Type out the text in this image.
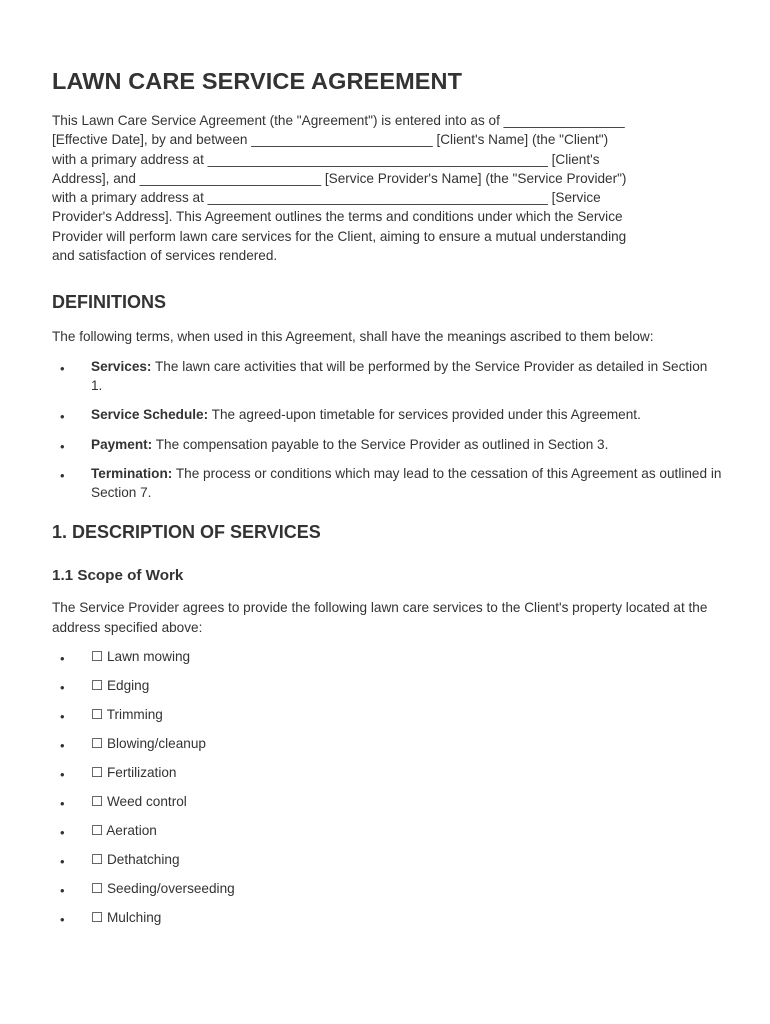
LAWN CARE SERVICE AGREEMENT

This Lawn Care Service Agreement (the "Agreement") is entered into as of ________________
[Effective Date], by and between ________________________ [Client's Name] (the "Client")
with a primary address at _____________________________________________ [Client's
Address], and ________________________ [Service Provider's Name] (the "Service Provider")
with a primary address at _____________________________________________ [Service
Provider's Address]. This Agreement outlines the terms and conditions under which the Service
Provider will perform lawn care services for the Client, aiming to ensure a mutual understanding
and satisfaction of services rendered.

DEFINITIONS

The following terms, when used in this Agreement, shall have the meanings ascribed to them below:

• Services: The lawn care activities that will be performed by the Service Provider as detailed in Section 1.
• Service Schedule: The agreed-upon timetable for services provided under this Agreement.
• Payment: The compensation payable to the Service Provider as outlined in Section 3.
• Termination: The process or conditions which may lead to the cessation of this Agreement as outlined in Section 7.
1. DESCRIPTION OF SERVICES
1.1 Scope of Work

The Service Provider agrees to provide the following lawn care services to the Client's property located at the address specified above:

• ☐ Lawn mowing
• ☐ Edging
• ☐ Trimming
• ☐ Blowing/cleanup
• ☐ Fertilization
• ☐ Weed control
• ☐ Aeration
• ☐ Dethatching
• ☐ Seeding/overseeding
• ☐ Mulching
